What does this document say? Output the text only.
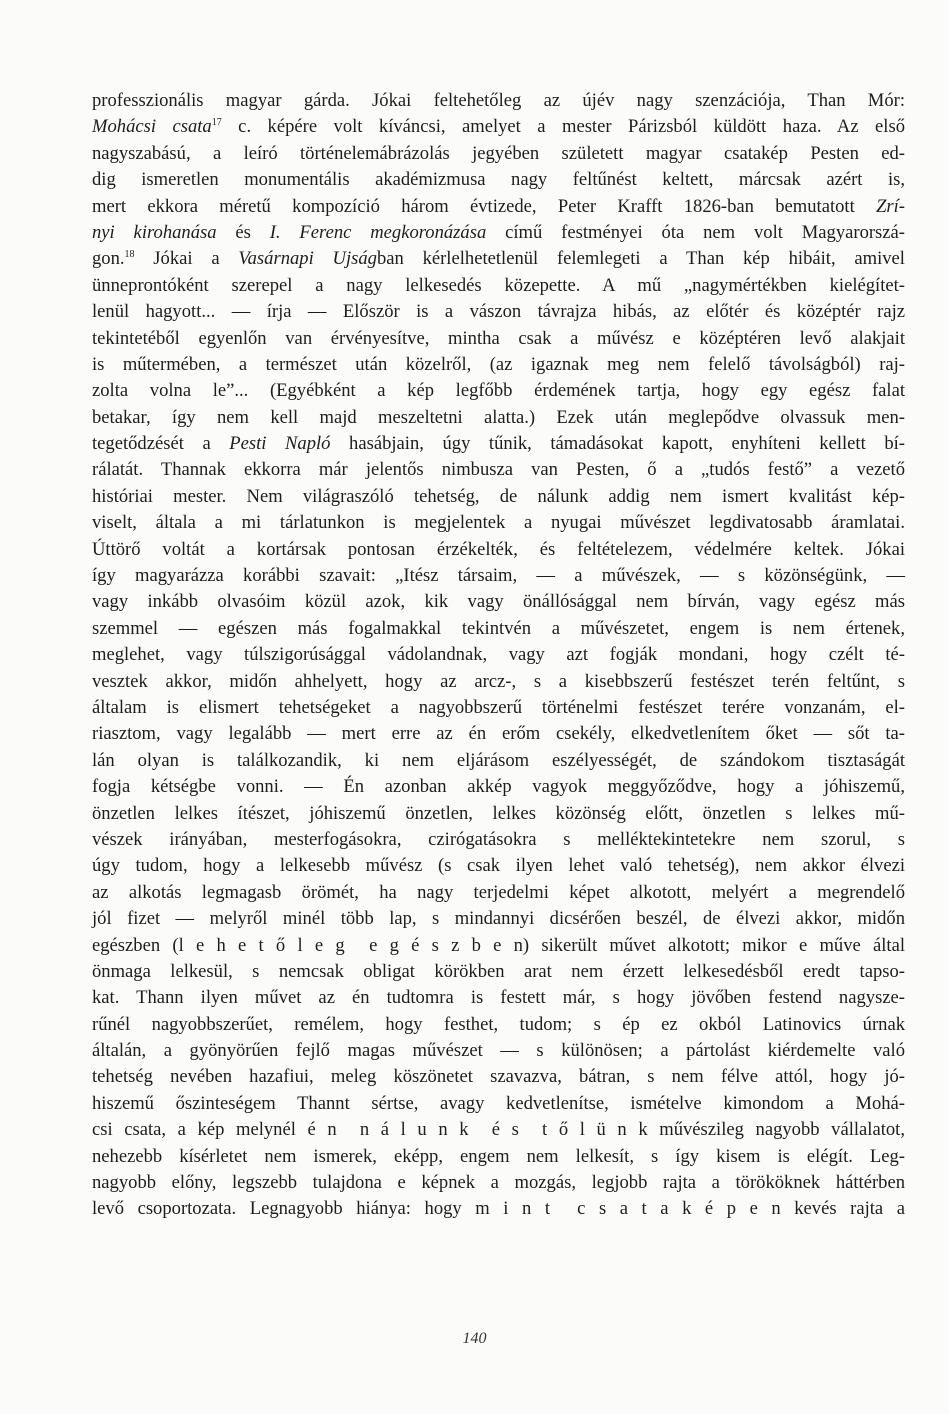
professzionális magyar gárda. Jókai feltehetőleg az újév nagy szenzációja, Than Mór:
Mohácsi csata$^{17}$ c. képére volt kíváncsi, amelyet a mester Párizsból küldött haza. Az első
nagyszabású, a leíró történelemábrázolás jegyében született magyar csatakép Pesten ed-
dig ismeretlen monumentális akadémizmusa nagy feltűnést keltett, márcsak azért is,
mert ekkora méretű kompozíció három évtizede, Peter Krafft 1826-ban bemutatott Zrí-
nyi kirohanása és I. Ferenc megkoronázása című festményei óta nem volt Magyarorszá-
gon.$^{18}$ Jókai a Vasárnapi Ujságban kérlelhetetlenül felemlegeti a Than kép hibáit, amivel
ünneprontóként szerepel a nagy lelkesedés közepette. A mű „nagymértékben kielégítet-
lenül hagyott... — írja — Először is a vászon távrajza hibás, az előtér és középtér rajz
tekintetéből egyenlőn van érvényesítve, mintha csak a művész e középtéren levő alakjait
is műtermében, a természet után közelről, (az igaznak meg nem felelő távolságból) raj-
zolta volna le”... (Egyébként a kép legfőbb érdemének tartja, hogy egy egész falat
betakar, így nem kell majd meszeltetni alatta.) Ezek után meglepődve olvassuk men-
tegetődzését a Pesti Napló hasábjain, úgy tűnik, támadásokat kapott, enyhíteni kellett bí-
rálatát. Thannak ekkorra már jelentős nimbusza van Pesten, ő a „tudós festő” a vezető
históriai mester. Nem világraszóló tehetség, de nálunk addig nem ismert kvalitást kép-
viselt, általa a mi tárlatunkon is megjelentek a nyugai művészet legdivatosabb áramlatai.
Úttörő voltát a kortársak pontosan érzékelték, és feltételezem, védelmére keltek. Jókai
így magyarázza korábbi szavait: „Itész társaim, — a művészek, — s közönségünk, —
vagy inkább olvasóim közül azok, kik vagy önállósággal nem bírván, vagy egész más
szemmel — egészen más fogalmakkal tekintvén a művészetet, engem is nem értenek,
meglehet, vagy túlszigorúsággal vádolandnak, vagy azt fogják mondani, hogy czélt té-
vesztek akkor, midőn ahhelyett, hogy az arcz-, s a kisebbszerű festészet terén feltűnt, s
általam is elismert tehetségeket a nagyobbszerű történelmi festészet terére vonzanám, el-
riasztom, vagy legalább — mert erre az én erőm csekély, elkedvetlenítem őket — sőt ta-
lán olyan is találkozandik, ki nem eljárásom eszélyességét, de szándokom tisztaságát
fogja kétségbe vonni. — Én azonban akkép vagyok meggyőződve, hogy a jóhiszemű,
önzetlen lelkes ítészet, jóhiszemű önzetlen, lelkes közönség előtt, önzetlen s lelkes mű-
vészek irányában, mesterfogásokra, czirógatásokra s melléktekintetekre nem szorul, s
úgy tudom, hogy a lelkesebb művész (s csak ilyen lehet való tehetség), nem akkor élvezi
az alkotás legmagasb örömét, ha nagy terjedelmi képet alkotott, melyért a megrendelő
jól fizet — melyről minél több lap, s mindannyi dicsérően beszél, de élvezi akkor, midőn
egészben (l e h e t ő l e g  e g é s z b e n) sikerült művet alkotott; mikor e műve által
önmaga lelkesül, s nemcsak obligat körökben arat nem érzett lelkesedésből eredt tapso-
kat. Thann ilyen művet az én tudtomra is festett már, s hogy jövőben festend nagysze-
rűnél nagyobbszerűet, remélem, hogy festhet, tudom; s ép ez okból Latinovics úrnak
általán, a gyönyörűen fejlő magas művészet — s különösen; a pártolást kiérdemelte való
tehetség nevében hazafiui, meleg köszönetet szavazva, bátran, s nem félve attól, hogy jó-
hiszemű őszinteségem Thannt sértse, avagy kedvetlenítse, ismételve kimondom a Mohá-
csi csata, a kép melynél é n  n á l u n k  é s  t ő l ü n k művészileg nagyobb vállalatot,
nehezebb kísérletet nem ismerek, eképp, engem nem lelkesít, s így kisem is elégít. Leg-
nagyobb előny, legszebb tulajdona e képnek a mozgás, legjobb rajta a törököknek háttérben
levő csoportozata. Legnagyobb hiánya: hogy m i n t  c s a t a k é p e n kevés rajta a
140
